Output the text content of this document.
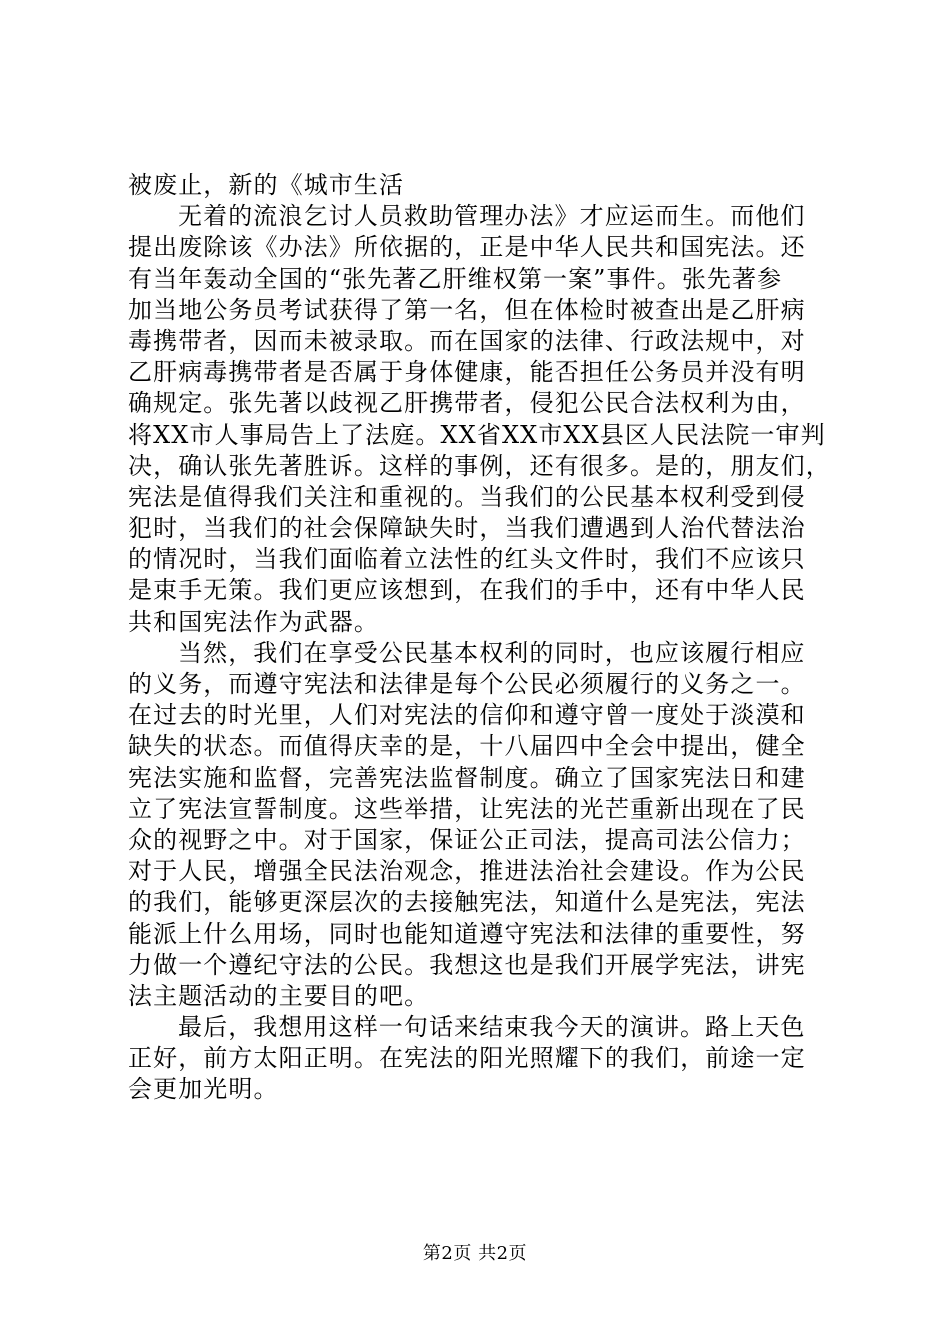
被废止，新的《城市生活
无着的流浪乞讨人员救助管理办法》才应运而生。而他们
提出废除该《办法》所依据的，正是中华人民共和国宪法。还
有当年轰动全国的“张先著乙肝维权第一案”事件。张先著参
加当地公务员考试获得了第一名，但在体检时被查出是乙肝病
毒携带者，因而未被录取。而在国家的法律、行政法规中，对
乙肝病毒携带者是否属于身体健康，能否担任公务员并没有明
确规定。张先著以歧视乙肝携带者，侵犯公民合法权利为由，
将XX市人事局告上了法庭。XX省XX市XX县区人民法院一审判
决，确认张先著胜诉。这样的事例，还有很多。是的，朋友们，
宪法是值得我们关注和重视的。当我们的公民基本权利受到侵
犯时，当我们的社会保障缺失时，当我们遭遇到人治代替法治
的情况时，当我们面临着立法性的红头文件时，我们不应该只
是束手无策。我们更应该想到，在我们的手中，还有中华人民
共和国宪法作为武器。
当然，我们在享受公民基本权利的同时，也应该履行相应
的义务，而遵守宪法和法律是每个公民必须履行的义务之一。
在过去的时光里，人们对宪法的信仰和遵守曾一度处于淡漠和
缺失的状态。而值得庆幸的是，十八届四中全会中提出，健全
宪法实施和监督，完善宪法监督制度。确立了国家宪法日和建
立了宪法宣誓制度。这些举措，让宪法的光芒重新出现在了民
众的视野之中。对于国家，保证公正司法，提高司法公信力；
对于人民，增强全民法治观念，推进法治社会建设。作为公民
的我们，能够更深层次的去接触宪法，知道什么是宪法，宪法
能派上什么用场，同时也能知道遵守宪法和法律的重要性，努
力做一个遵纪守法的公民。我想这也是我们开展学宪法，讲宪
法主题活动的主要目的吧。
最后，我想用这样一句话来结束我今天的演讲。路上天色
正好，前方太阳正明。在宪法的阳光照耀下的我们，前途一定
会更加光明。
第2页 共2页
